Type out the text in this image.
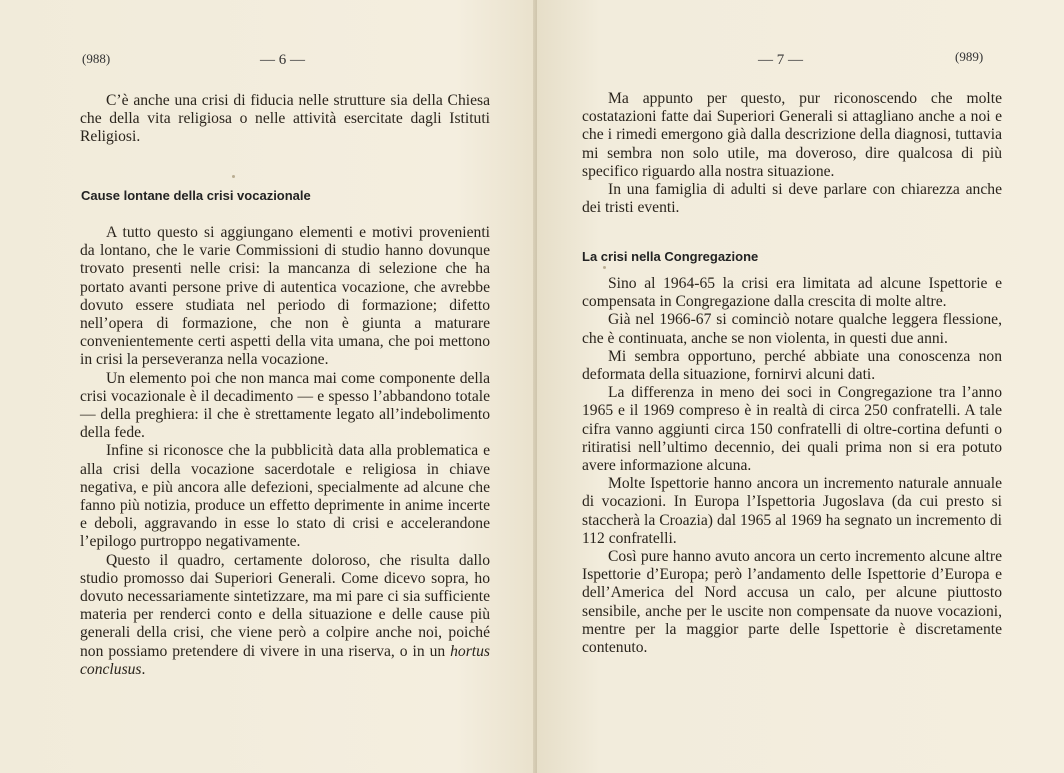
(988)	— 6 —

C’è anche una crisi di fiducia nelle strutture sia della Chiesa che della vita religiosa o nelle attività esercitate dagli Istituti Religiosi.

Cause lontane della crisi vocazionale

A tutto questo si aggiungano elementi e motivi provenienti da lontano, che le varie Commissioni di studio hanno dovunque trovato presenti nelle crisi: la mancanza di selezione che ha portato avanti persone prive di autentica vocazione, che avrebbe dovuto essere studiata nel periodo di formazione; difetto nell’opera di formazione, che non è giunta a maturare convenientemente certi aspetti della vita umana, che poi mettono in crisi la perseveranza nella vocazione.

Un elemento poi che non manca mai come componente della crisi vocazionale è il decadimento — e spesso l’abbandono totale — della preghiera: il che è strettamente legato all’indebolimento della fede.

Infine si riconosce che la pubblicità data alla problematica e alla crisi della vocazione sacerdotale e religiosa in chiave negativa, e più ancora alle defezioni, specialmente ad alcune che fanno più notizia, produce un effetto deprimente in anime incerte e deboli, aggravando in esse lo stato di crisi e accelerandone l’epilogo purtroppo negativamente.

Questo il quadro, certamente doloroso, che risulta dallo studio promosso dai Superiori Generali. Come dicevo sopra, ho dovuto necessariamente sintetizzare, ma mi pare ci sia sufficiente materia per renderci conto e della situazione e delle cause più generali della crisi, che viene però a colpire anche noi, poiché non possiamo pretendere di vivere in una riserva, o in un hortus conclusus.

— 7 —	(989)

Ma appunto per questo, pur riconoscendo che molte costatazioni fatte dai Superiori Generali si attagliano anche a noi e che i rimedi emergono già dalla descrizione della diagnosi, tuttavia mi sembra non solo utile, ma doveroso, dire qualcosa di più specifico riguardo alla nostra situazione.

In una famiglia di adulti si deve parlare con chiarezza anche dei tristi eventi.

La crisi nella Congregazione

Sino al 1964-65 la crisi era limitata ad alcune Ispettorie e compensata in Congregazione dalla crescita di molte altre.

Già nel 1966-67 si cominciò notare qualche leggera flessione, che è continuata, anche se non violenta, in questi due anni.

Mi sembra opportuno, perché abbiate una conoscenza non deformata della situazione, fornirvi alcuni dati.

La differenza in meno dei soci in Congregazione tra l’anno 1965 e il 1969 compreso è in realtà di circa 250 confratelli. A tale cifra vanno aggiunti circa 150 confratelli di oltre-cortina defunti o ritiratisi nell’ultimo decennio, dei quali prima non si era potuto avere informazione alcuna.

Molte Ispettorie hanno ancora un incremento naturale annuale di vocazioni. In Europa l’Ispettoria Jugoslava (da cui presto si staccherà la Croazia) dal 1965 al 1969 ha segnato un incremento di 112 confratelli.

Così pure hanno avuto ancora un certo incremento alcune altre Ispettorie d’Europa; però l’andamento delle Ispettorie d’Europa e dell’America del Nord accusa un calo, per alcune piuttosto sensibile, anche per le uscite non compensate da nuove vocazioni, mentre per la maggior parte delle Ispettorie è discretamente contenuto.
